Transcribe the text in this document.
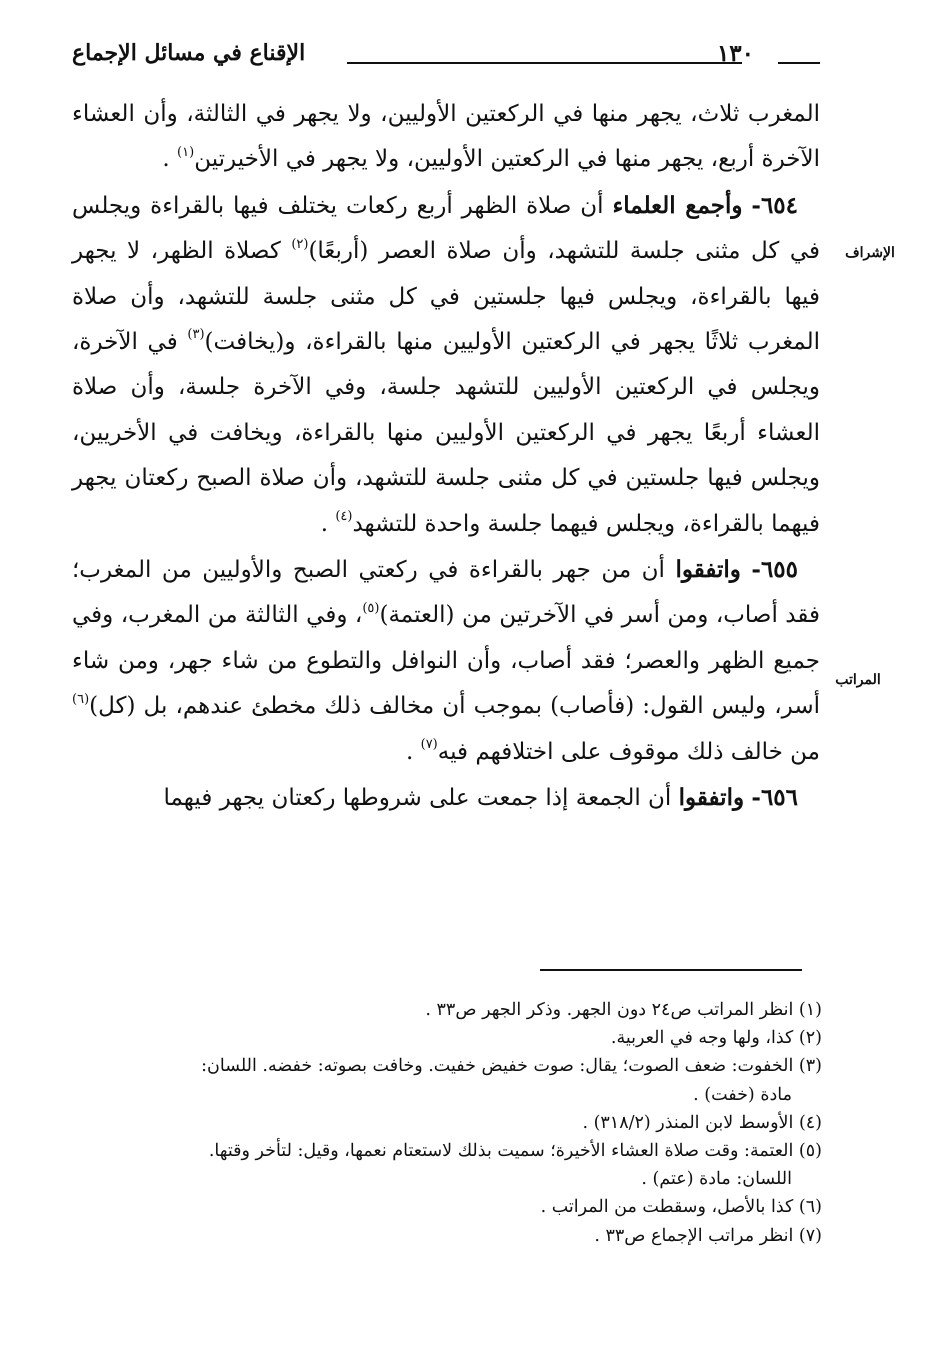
١٣٠
الإقناع في مسائل الإجماع
الإشراف
المراتب

المغرب ثلاث، يجهر منها في الركعتين الأوليين، ولا يجهر في الثالثة، وأن العشاء الآخرة أربع، يجهر منها في الركعتين الأوليين، ولا يجهر في الأخيرتين$^{(١)}$ .

٦٥٤- وأجمع العلماء أن صلاة الظهر أربع ركعات يختلف فيها بالقراءة ويجلس في كل مثنى جلسة للتشهد، وأن صلاة العصر (أربعًا)$^{(٢)}$ كصلاة الظهر، لا يجهر فيها بالقراءة، ويجلس فيها جلستين في كل مثنى جلسة للتشهد، وأن صلاة المغرب ثلاثًا يجهر في الركعتين الأوليين منها بالقراءة، و(يخافت)$^{(٣)}$ في الآخرة، ويجلس في الركعتين الأوليين للتشهد جلسة، وفي الآخرة جلسة، وأن صلاة العشاء أربعًا يجهر في الركعتين الأوليين منها بالقراءة، ويخافت في الأخريين، ويجلس فيها جلستين في كل مثنى جلسة للتشهد، وأن صلاة الصبح ركعتان يجهر فيهما بالقراءة، ويجلس فيهما جلسة واحدة للتشهد$^{(٤)}$ .

٦٥٥- واتفقوا أن من جهر بالقراءة في ركعتي الصبح والأوليين من المغرب؛ فقد أصاب، ومن أسر في الآخرتين من (العتمة)$^{(٥)}$، وفي الثالثة من المغرب، وفي جميع الظهر والعصر؛ فقد أصاب، وأن النوافل والتطوع من شاء جهر، ومن شاء أسر، وليس القول: (فأصاب) بموجب أن مخالف ذلك مخطئ عندهم، بل (كل)$^{(٦)}$ من خالف ذلك موقوف على اختلافهم فيه$^{(٧)}$ .

٦٥٦- واتفقوا أن الجمعة إذا جمعت على شروطها ركعتان يجهر فيهما

(١) انظر المراتب ص٢٤ دون الجهر. وذكر الجهر ص٣٣ .
(٢) كذا، ولها وجه في العربية.
(٣) الخفوت: ضعف الصوت؛ يقال: صوت خفيض خفيت. وخافت بصوته: خفضه. اللسان:
مادة (خفت) .
(٤) الأوسط لابن المنذر (٣١٨/٢) .
(٥) العتمة: وقت صلاة العشاء الأخيرة؛ سميت بذلك لاستعتام نعمها، وقيل: لتأخر وقتها.
اللسان: مادة (عتم) .
(٦) كذا بالأصل، وسقطت من المراتب .
(٧) انظر مراتب الإجماع ص٣٣ .
